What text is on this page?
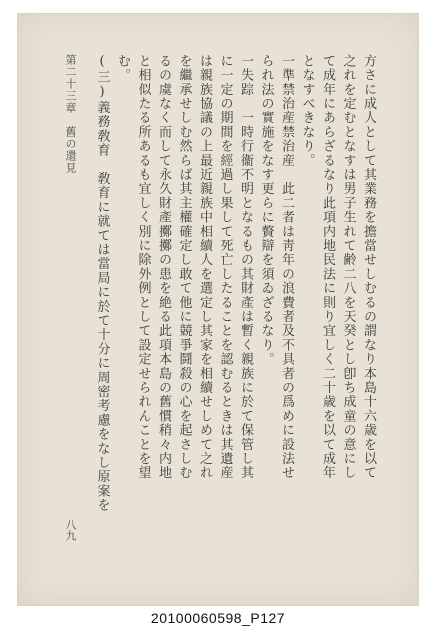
第二十三章　舊の還見
八九
方さに成人として其業務を擔當せしむるの謂なり本島十六歳を以て
之れを定むとなすは男子生れて齢二八を天癸とし卽ち成童の意にし
て成年にあらざるなり此項内地民法に則り宜しく二十歳を以て成年
となすべきなり。
一準禁治産禁治産　此二者は靑年の浪費者及不具者の爲めに設法せ
られ法の實施をなす更らに贅辯を須ゐざるなり。
一失踪　一時行衞不明となるもの其財產は暫く親族に於て保管し其
に一定の期間を經過し果して死亡したることを認むるときは其遺産
は親族協議の上最近親族中相續人を選定し其家を相續せしめて之れ
を繼承せしむ然らば其主權確定し敢て他に競爭鬪殺の心を起さしむ
るの虞なく而して永久財產擲擲の患を絶る此項本島の舊慣稍々内地
と相似たる所あるも宜しく別に除外例として設定せられんことを望
む。
(三)義務敎育　敎育に就ては當局に於て十分に周密考慮をなし原案を
20100060598_P127
